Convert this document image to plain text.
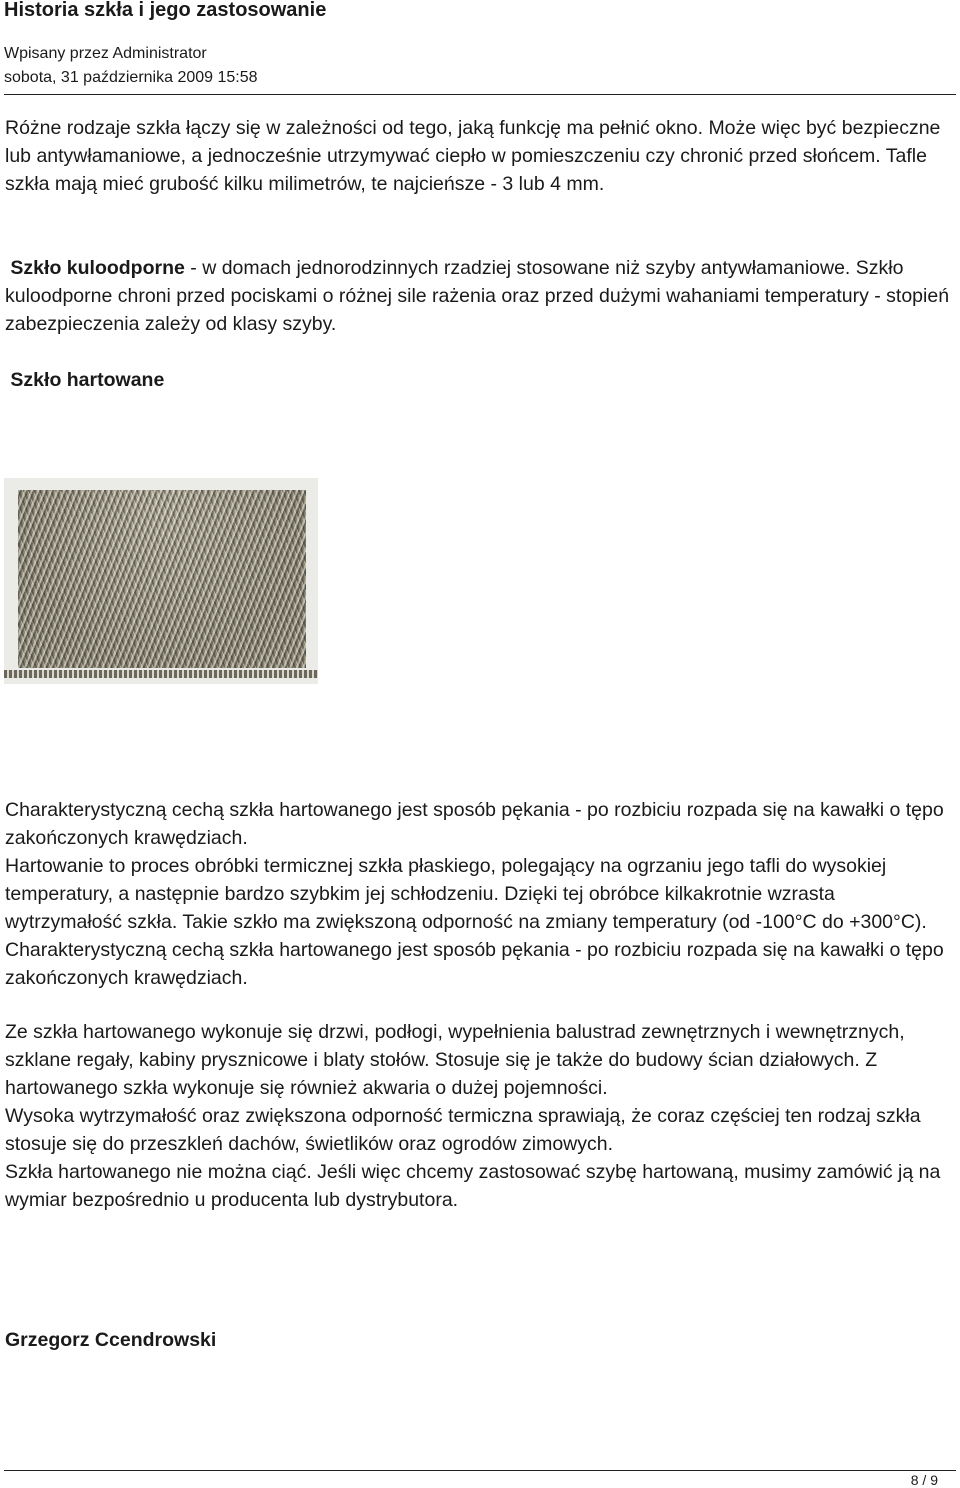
Historia szkła i jego zastosowanie
Wpisany przez Administrator
sobota, 31 października 2009 15:58

Różne rodzaje szkła łączy się w zależności od tego, jaką funkcję ma pełnić okno. Może więc być bezpieczne lub antywłamaniowe, a jednocześnie utrzymywać ciepło w pomieszczeniu czy chronić przed słońcem. Tafle szkła mają mieć grubość kilku milimetrów, te najcieńsze - 3 lub 4 mm.

Szkło kuloodporne - w domach jednorodzinnych rzadziej stosowane niż szyby antywłamaniowe. Szkło kuloodporne chroni przed pociskami o różnej sile rażenia oraz przed dużymi wahaniami temperatury - stopień zabezpieczenia zależy od klasy szyby.

Szkło hartowane

Charakterystyczną cechą szkła hartowanego jest sposób pękania - po rozbiciu rozpada się na kawałki o tępo zakończonych krawędziach.

Hartowanie to proces obróbki termicznej szkła płaskiego, polegający na ogrzaniu jego tafli do wysokiej temperatury, a następnie bardzo szybkim jej schłodzeniu. Dzięki tej obróbce kilkakrotnie wzrasta wytrzymałość szkła. Takie szkło ma zwiększoną odporność na zmiany temperatury (od -100°C do +300°C). Charakterystyczną cechą szkła hartowanego jest sposób pękania - po rozbiciu rozpada się na kawałki o tępo zakończonych krawędziach.

Ze szkła hartowanego wykonuje się drzwi, podłogi, wypełnienia balustrad zewnętrznych i wewnętrznych, szklane regały, kabiny prysznicowe i blaty stołów. Stosuje się je także do budowy ścian działowych. Z hartowanego szkła wykonuje się również akwaria o dużej pojemności.

Wysoka wytrzymałość oraz zwiększona odporność termiczna sprawiają, że coraz częściej ten rodzaj szkła stosuje się do przeszkleń dachów, świetlików oraz ogrodów zimowych.

Szkła hartowanego nie można ciąć. Jeśli więc chcemy zastosować szybę hartowaną, musimy zamówić ją na wymiar bezpośrednio u producenta lub dystrybutora.

Grzegorz Ccendrowski
8 / 9
